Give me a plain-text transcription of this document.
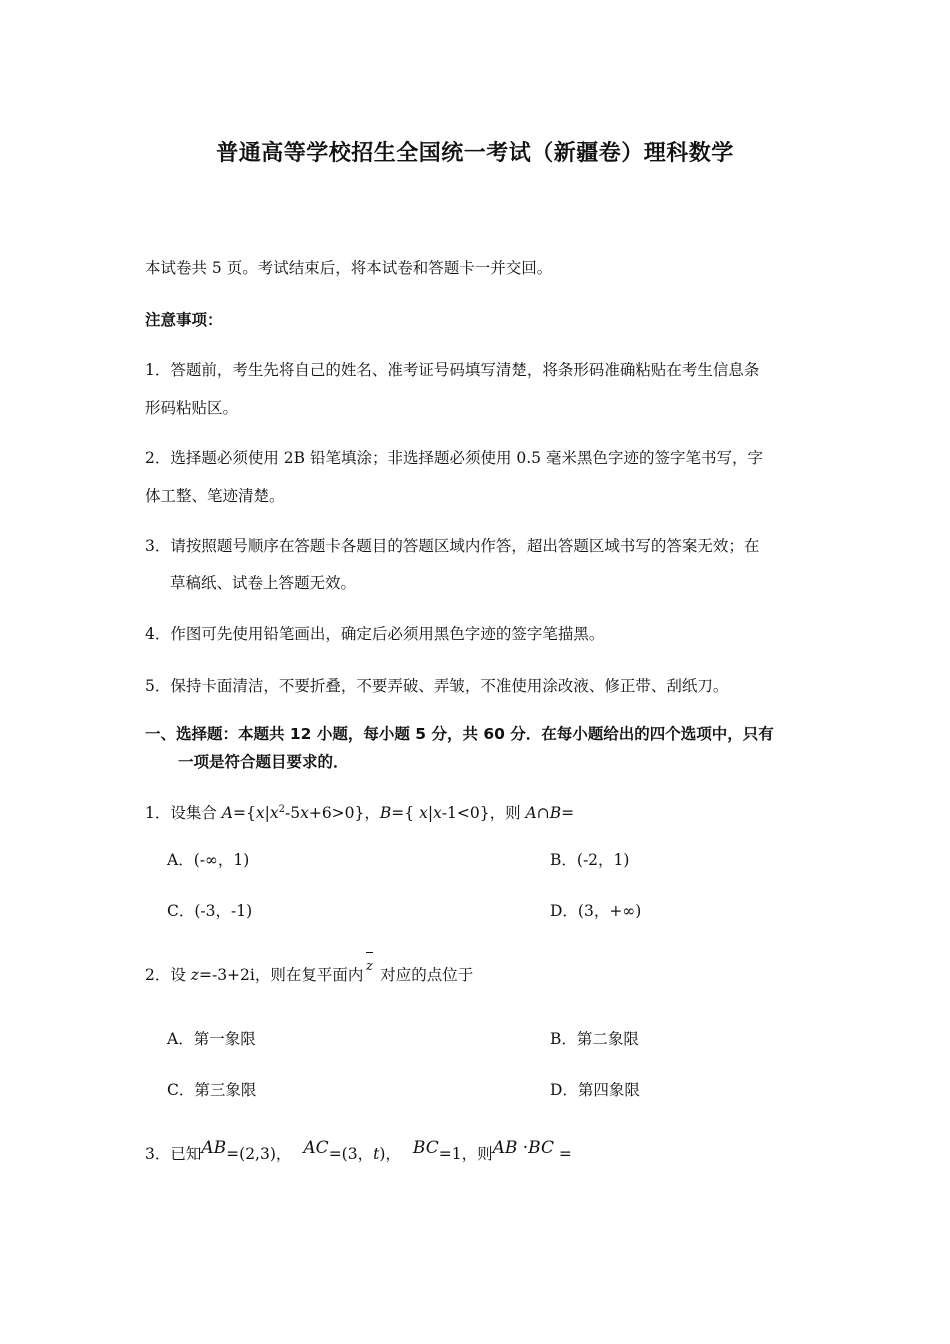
普通高等学校招生全国统一考试（新疆卷）理科数学
本试卷共 5 页。考试结束后，将本试卷和答题卡一并交回。
注意事项：
1．答题前，考生先将自己的姓名、准考证号码填写清楚，将条形码准确粘贴在考生信息条
形码粘贴区。
2．选择题必须使用 2B 铅笔填涂；非选择题必须使用 0.5 毫米黑色字迹的签字笔书写，字
体工整、笔迹清楚。
3．请按照题号顺序在答题卡各题目的答题区域内作答，超出答题区域书写的答案无效；在
草稿纸、试卷上答题无效。
4．作图可先使用铅笔画出，确定后必须用黑色字迹的签字笔描黑。
5．保持卡面清洁，不要折叠，不要弄破、弄皱，不准使用涂改液、修正带、刮纸刀。
一、选择题：本题共 12 小题，每小题 5 分，共 60 分．在每小题给出的四个选项中，只有
一项是符合题目要求的．
1．设集合 $A=\{x|x^2-5x+6>0\}$，B={ x|x-1<0}，则 A∩B=
A．(-∞，1)	B．(-2，1)
C．(-3，-1)	D．(3，+∞)
2．设 z=-3+2i，则在复平面内 z 对应的点位于
A．第一象限	B．第二象限
C．第三象限	D．第四象限
3．已知AB=(2,3)， AC=(3，t)， BC=1，则AB ·BC =
